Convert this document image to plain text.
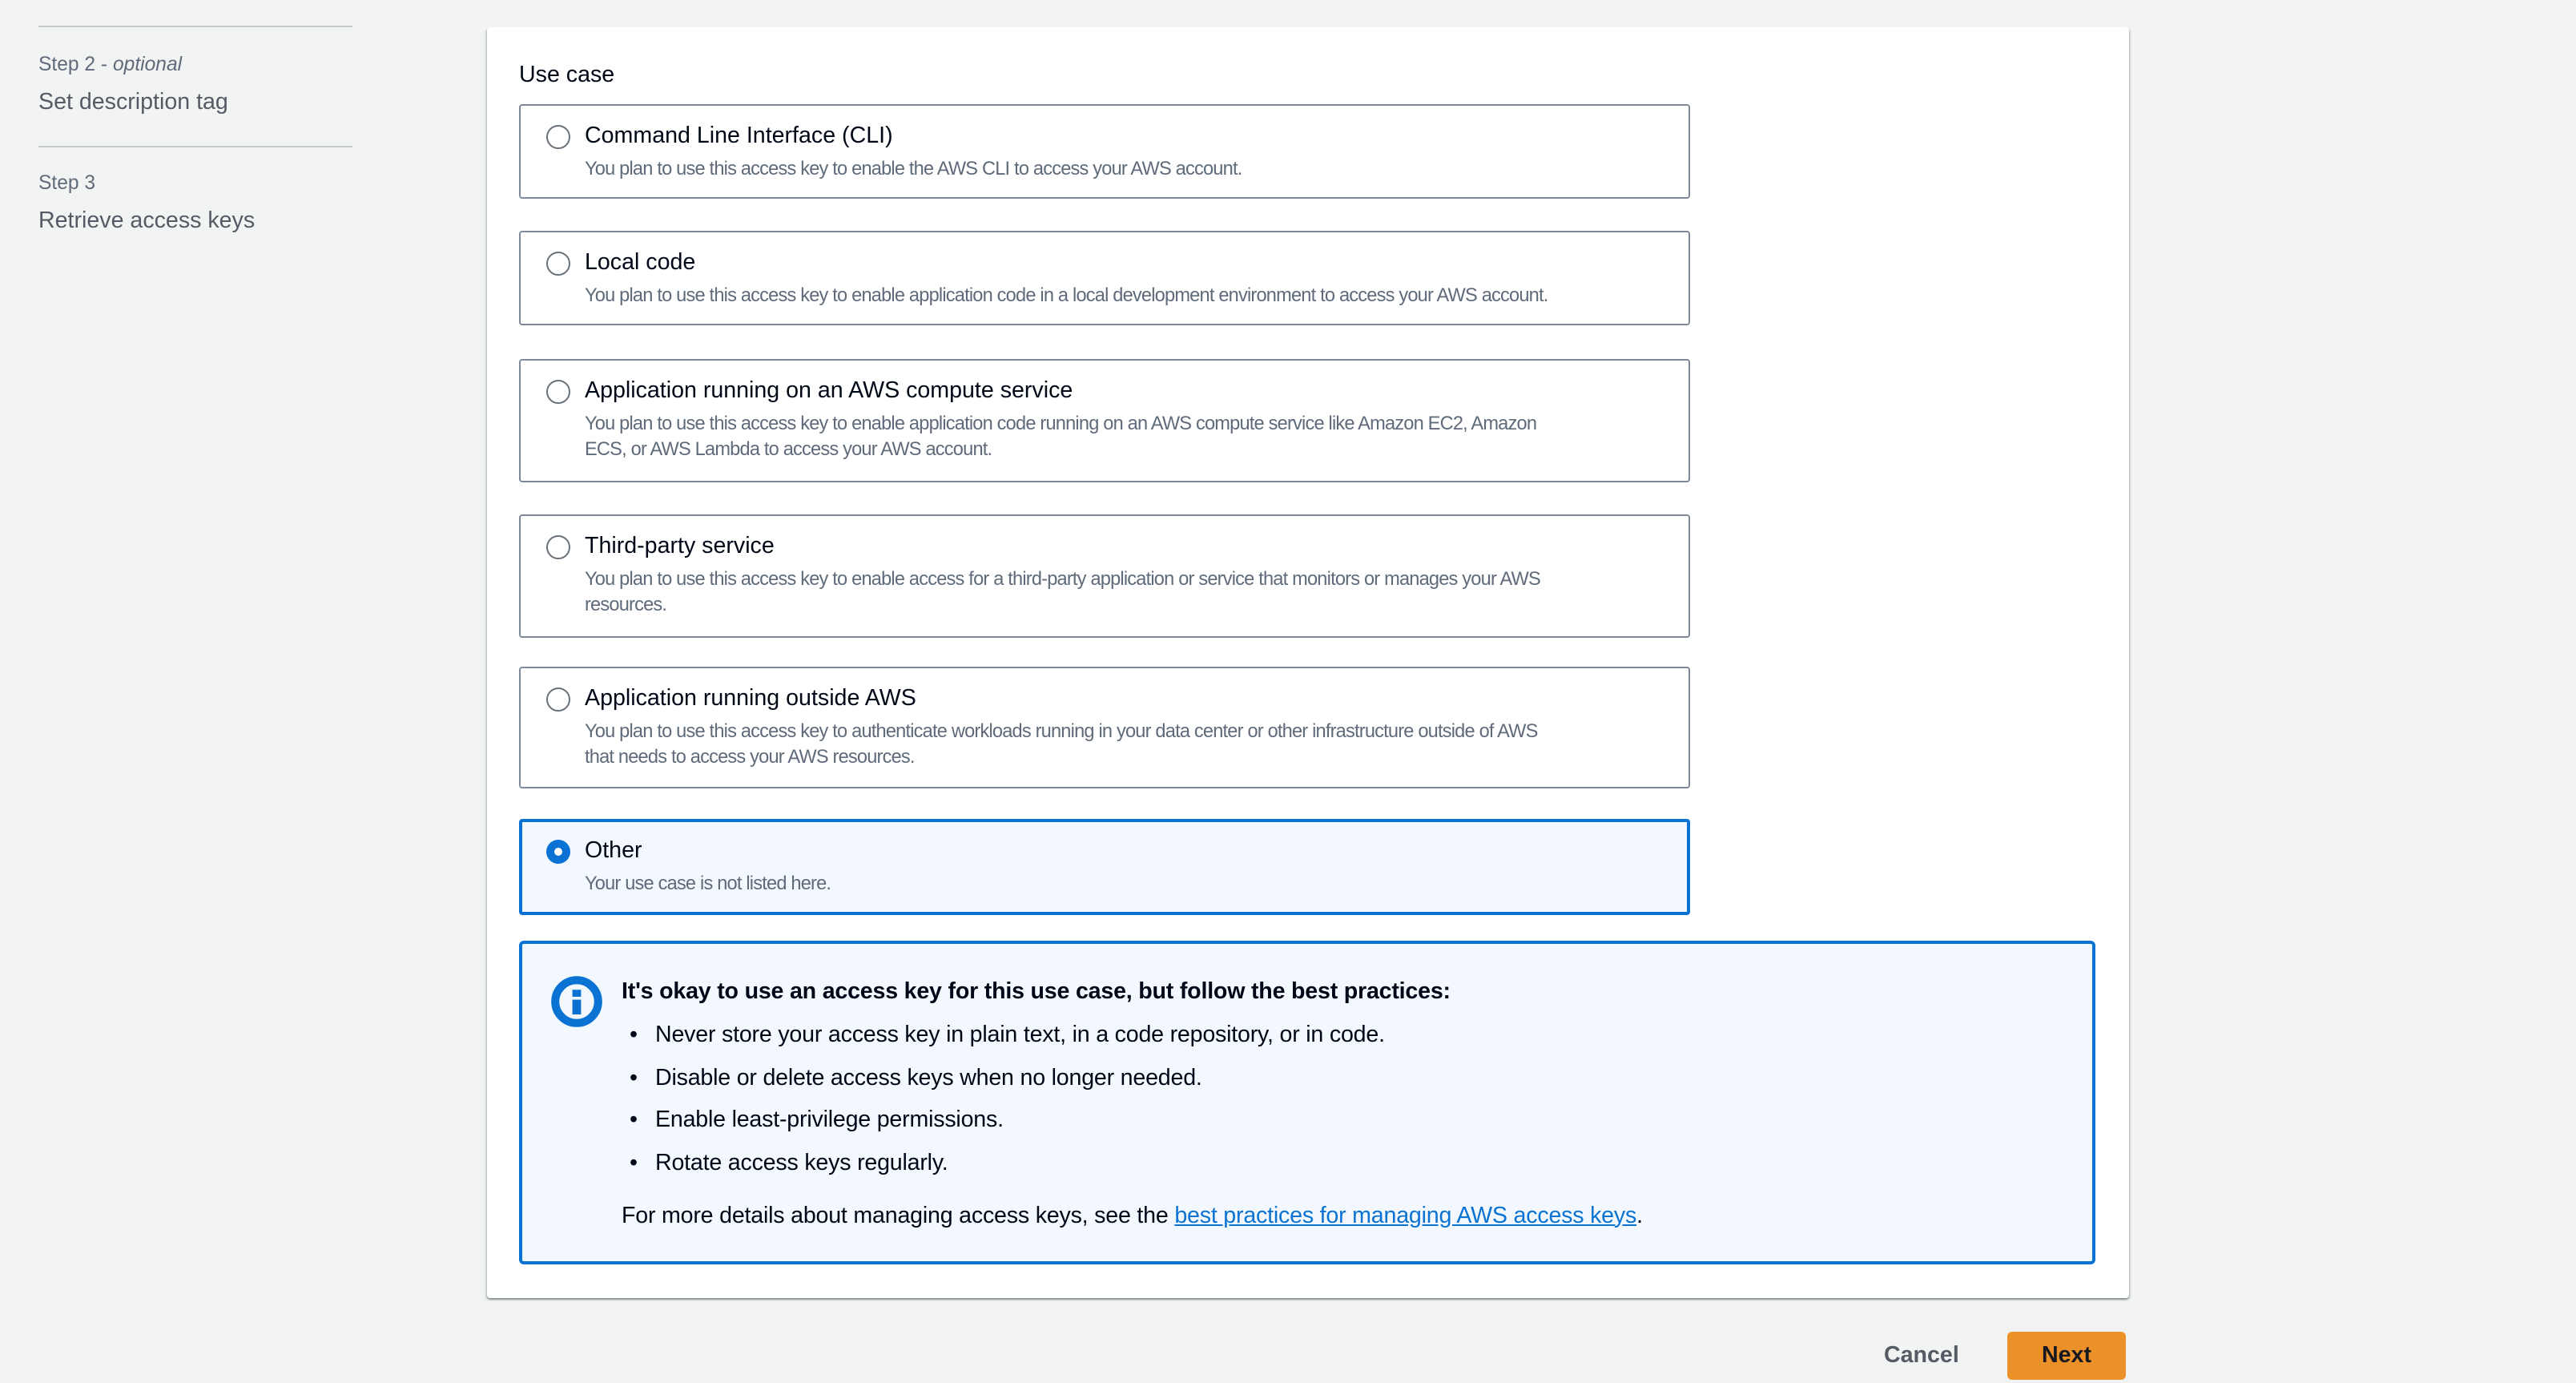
Step 2 - optional
Set description tag
Step 3
Retrieve access keys
Use case
Command Line Interface (CLI)
You plan to use this access key to enable the AWS CLI to access your AWS account.
Local code
You plan to use this access key to enable application code in a local development environment to access your AWS account.
Application running on an AWS compute service
You plan to use this access key to enable application code running on an AWS compute service like Amazon EC2, Amazon
ECS, or AWS Lambda to access your AWS account.
Third-party service
You plan to use this access key to enable access for a third-party application or service that monitors or manages your AWS
resources.
Application running outside AWS
You plan to use this access key to authenticate workloads running in your data center or other infrastructure outside of AWS
that needs to access your AWS resources.
Other
Your use case is not listed here.
It's okay to use an access key for this use case, but follow the best practices:
• Never store your access key in plain text, in a code repository, or in code.
• Disable or delete access keys when no longer needed.
• Enable least-privilege permissions.
• Rotate access keys regularly.
For more details about managing access keys, see the best practices for managing AWS access keys.
Cancel	Next
